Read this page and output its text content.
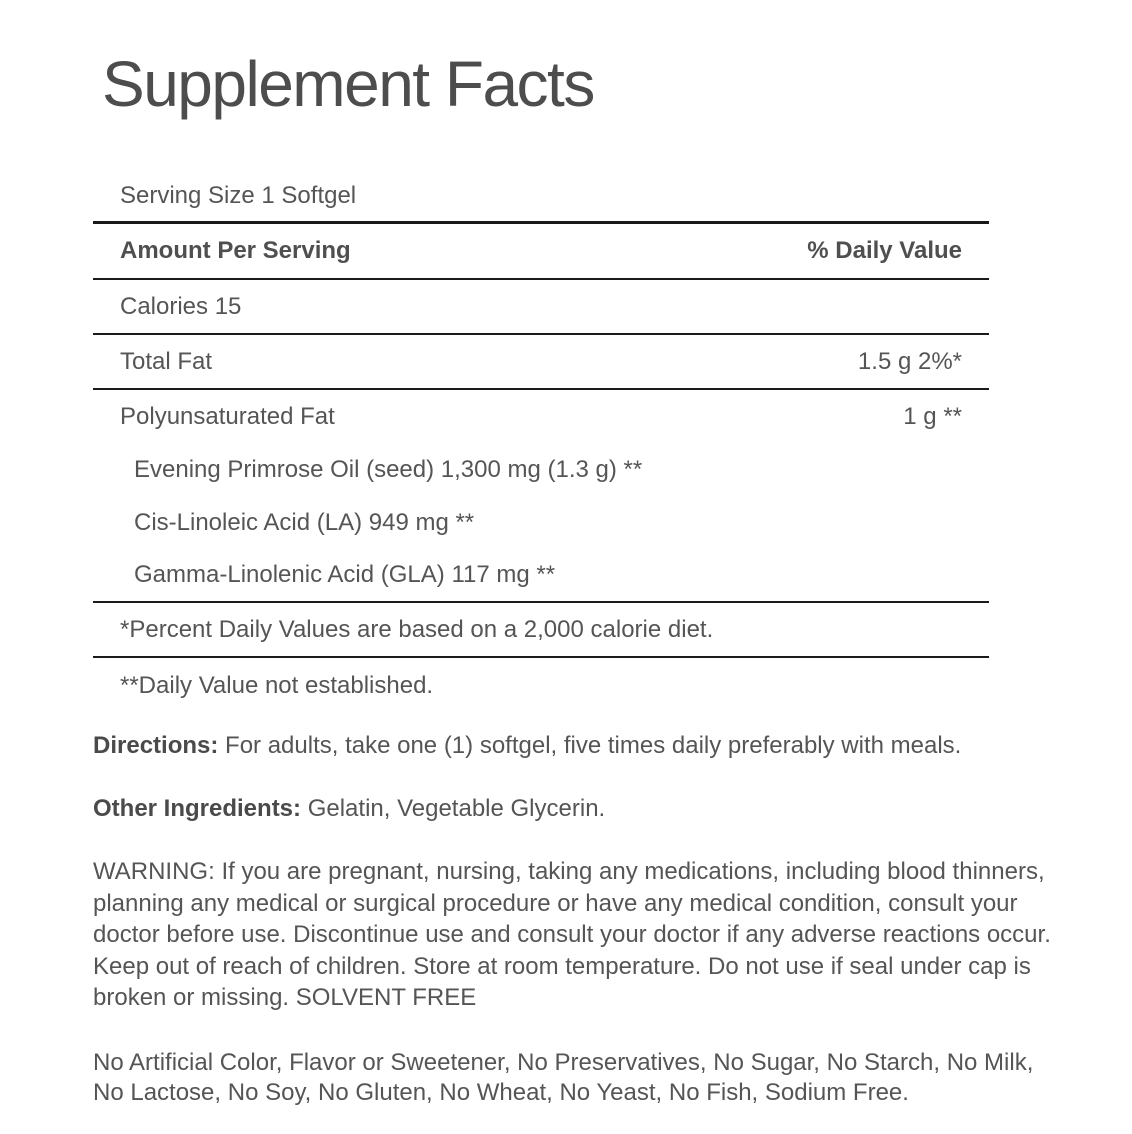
Supplement Facts
Serving Size 1 Softgel
Amount Per Serving	% Daily Value
Calories 15
Total Fat	1.5 g 2%*
Polyunsaturated Fat	1 g **
Evening Primrose Oil (seed) 1,300 mg (1.3 g) **
Cis-Linoleic Acid (LA) 949 mg **
Gamma-Linolenic Acid (GLA) 117 mg **
*Percent Daily Values are based on a 2,000 calorie diet.
**Daily Value not established.

Directions: For adults, take one (1) softgel, five times daily preferably with meals.

Other Ingredients: Gelatin, Vegetable Glycerin.

WARNING: If you are pregnant, nursing, taking any medications, including blood thinners, planning any medical or surgical procedure or have any medical condition, consult your doctor before use. Discontinue use and consult your doctor if any adverse reactions occur. Keep out of reach of children. Store at room temperature. Do not use if seal under cap is broken or missing. SOLVENT FREE

No Artificial Color, Flavor or Sweetener, No Preservatives, No Sugar, No Starch, No Milk, No Lactose, No Soy, No Gluten, No Wheat, No Yeast, No Fish, Sodium Free.
